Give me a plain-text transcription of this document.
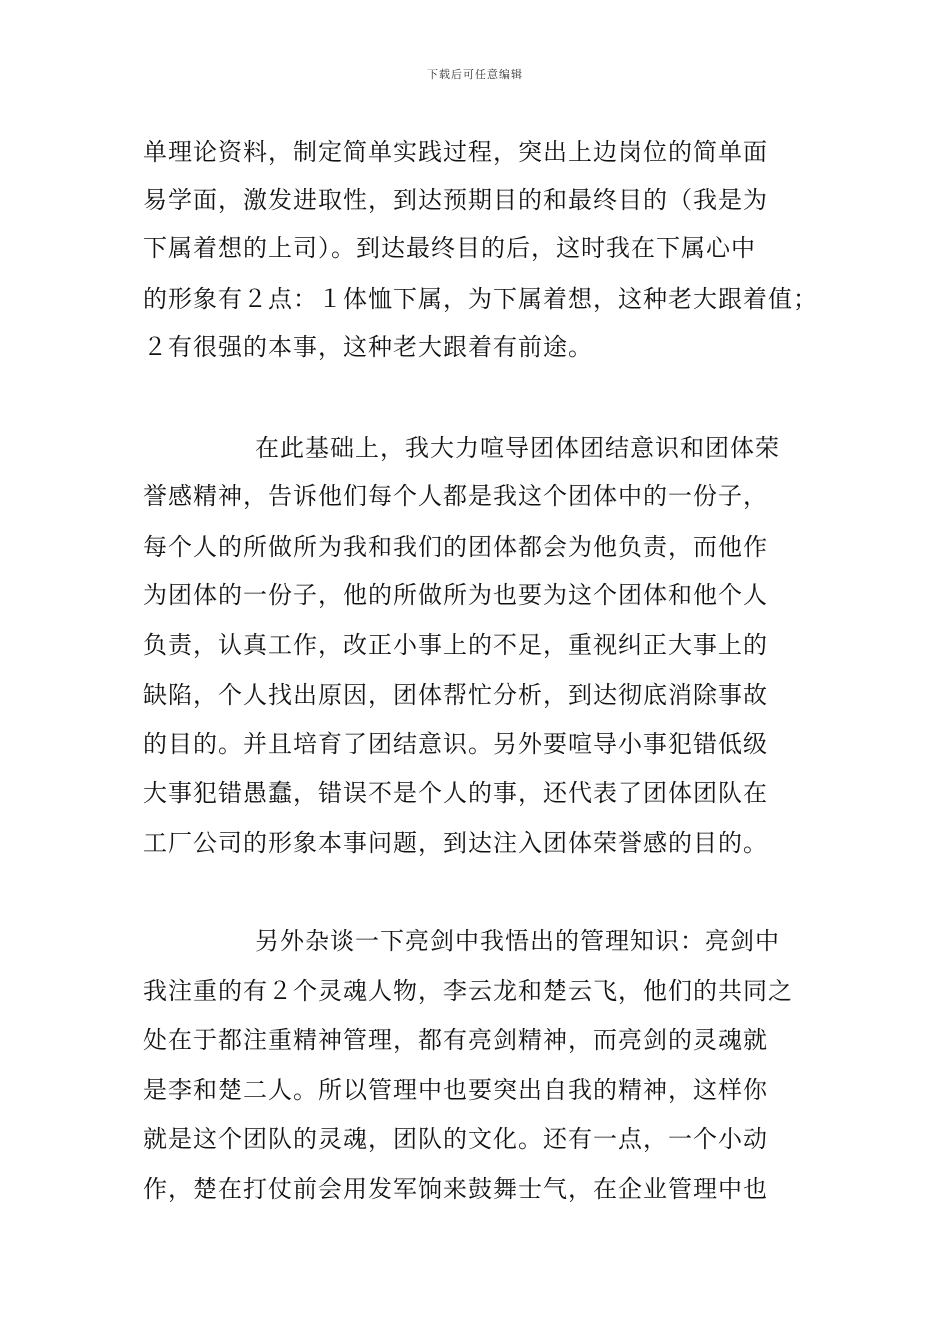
下载后可任意编辑
单理论资料，制定简单实践过程，突出上边岗位的简单面
易学面，激发进取性，到达预期目的和最终目的（我是为
下属着想的上司）。到达最终目的后，这时我在下属心中
的形象有２点：１体恤下属，为下属着想，这种老大跟着值；
２有很强的本事，这种老大跟着有前途。
在此基础上，我大力喧导团体团结意识和团体荣
誉感精神，告诉他们每个人都是我这个团体中的一份子，
每个人的所做所为我和我们的团体都会为他负责，而他作
为团体的一份子，他的所做所为也要为这个团体和他个人
负责，认真工作，改正小事上的不足，重视纠正大事上的
缺陷，个人找出原因，团体帮忙分析，到达彻底消除事故
的目的。并且培育了团结意识。另外要喧导小事犯错低级
大事犯错愚蠢，错误不是个人的事，还代表了团体团队在
工厂公司的形象本事问题，到达注入团体荣誉感的目的。
另外杂谈一下亮剑中我悟出的管理知识：亮剑中
我注重的有２个灵魂人物，李云龙和楚云飞，他们的共同之
处在于都注重精神管理，都有亮剑精神，而亮剑的灵魂就
是李和楚二人。所以管理中也要突出自我的精神，这样你
就是这个团队的灵魂，团队的文化。还有一点，一个小动
作，楚在打仗前会用发军饷来鼓舞士气，在企业管理中也
